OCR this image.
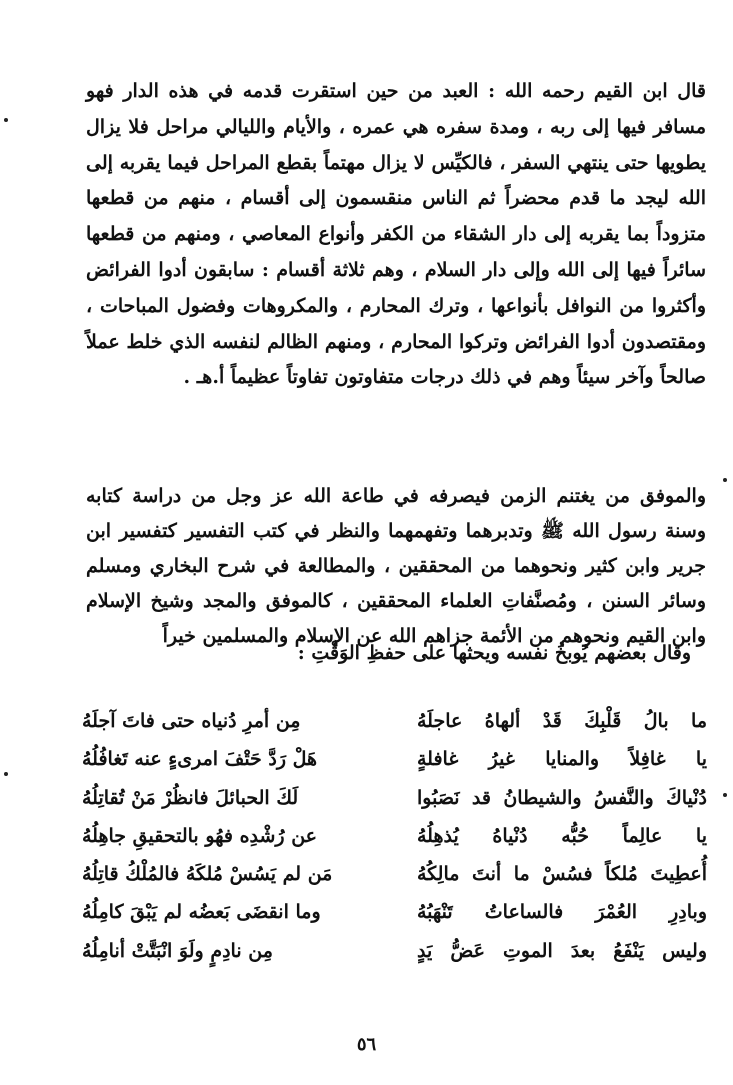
قال ابن القيم رحمه الله : العبد من حين استقرت قدمه في هذه الدار فهو مسافر فيها إلى ربه ، ومدة سفره هي عمره ، والأيام والليالي مراحل فلا يزال يطويها حتى ينتهي السفر ، فالكيِّس لا يزال مهتماً بقطع المراحل فيما يقربه إلى الله ليجد ما قدم محضراً ثم الناس منقسمون إلى أقسام ، منهم من قطعها متزوداً بما يقربه إلى دار الشقاء من الكفر وأنواع المعاصي ، ومنهم من قطعها سائراً فيها إلى الله وإلى دار السلام ، وهم ثلاثة أقسام : سابقون أدوا الفرائض وأكثروا من النوافل بأنواعها ، وترك المحارم ، والمكروهات وفضول المباحات ، ومقتصدون أدوا الفرائض وتركوا المحارم ، ومنهم الظالم لنفسه الذي خلط عملاً صالحاً وآخر سيئاً وهم في ذلك درجات متفاوتون تفاوتاً عظيماً أ.هـ .

والموفق من يغتنم الزمن فيصرفه في طاعة الله عز وجل من دراسة كتابه وسنة رسول الله ﷺ وتدبرهما وتفهمهما والنظر في كتب التفسير كتفسير ابن جرير وابن كثير ونحوهما من المحققين ، والمطالعة في شرح البخاري ومسلم وسائر السنن ، ومُصنَّفاتِ العلماء المحققين ، كالموفق والمجد وشيخ الإسلام وابن القيم ونحوهم من الأئمة جزاهم الله عن الإسلام والمسلمين خيراً

وقال بعضهم يُوبخُ نفسه ويحثها على حفظِ الوَقْتِ :

ما بالُ قَلْبِكَ قَدْ ألهاهُ عاجلَهُ
مِن أمرِ دُنياه حتى فاتَ آجلَهُ
يا غافِلاً والمنايا غيرُ غافلةٍ
هَلْ رَدَّ حَتْفَ امرىءٍ عنه تَغافُلُهُ
دُنْياكَ والنَّفسُ والشيطانُ قد نَصَبُوا
لَكَ الحبائلَ فانظُرْ مَنْ تُقاتِلُهُ
يا عالِماً حُبُّه دُنْياهُ يُذهِلُهُ
عن رُشْدِه فهُو بالتحقيقِ جاهِلُهُ
أُعطِيتَ مُلكاً فسُسْ ما أنتَ مالِكُهُ
مَن لم يَسُسْ مُلكَهُ فالمُلْكُ قاتِلُهُ
وبادِرِ العُمْرَ فالساعاتُ تَنْهَبُهُ
وما انقضَى بَعضُه لم يَبْقَ كامِلُهُ
وليس يَنْفَعُ بعدَ الموتِ عَضُّ يَدٍ
مِن نادِمٍ ولَوَ انْبَتَّتْ أنامِلُهُ
٥٦
